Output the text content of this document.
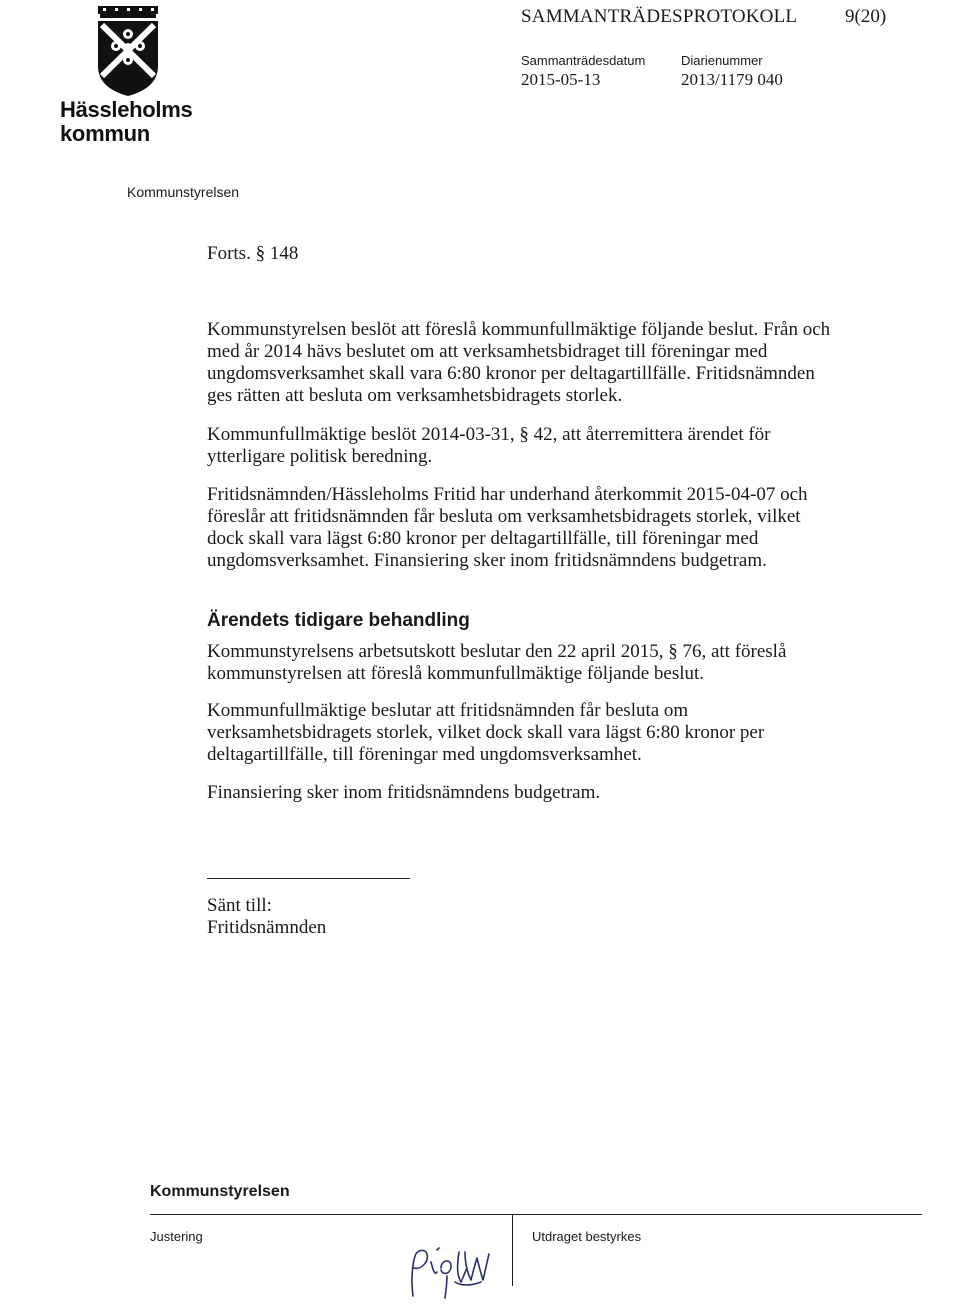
Hässleholms kommun
SAMMANTRÄDESPROTOKOLL	9(20)
Sammanträdesdatum
2015-05-13
Diarienummer
2013/1179 040
Kommunstyrelsen
Forts. § 148
Kommunstyrelsen beslöt att föreslå kommunfullmäktige följande beslut. Från och
med år 2014 hävs beslutet om att verksamhetsbidraget till föreningar med
ungdomsverksamhet skall vara 6:80 kronor per deltagartillfälle. Fritidsnämnden
ges rätten att besluta om verksamhetsbidragets storlek.
Kommunfullmäktige beslöt 2014-03-31, § 42, att återremittera ärendet för
ytterligare politisk beredning.
Fritidsnämnden/Hässleholms Fritid har underhand återkommit 2015-04-07 och
föreslår att fritidsnämnden får besluta om verksamhetsbidragets storlek, vilket
dock skall vara lägst 6:80 kronor per deltagartillfälle, till föreningar med
ungdomsverksamhet. Finansiering sker inom fritidsnämndens budgetram.
Ärendets tidigare behandling
Kommunstyrelsens arbetsutskott beslutar den 22 april 2015, § 76, att föreslå
kommunstyrelsen att föreslå kommunfullmäktige följande beslut.
Kommunfullmäktige beslutar att fritidsnämnden får besluta om
verksamhetsbidragets storlek, vilket dock skall vara lägst 6:80 kronor per
deltagartillfälle, till föreningar med ungdomsverksamhet.
Finansiering sker inom fritidsnämndens budgetram.
Sänt till:
Fritidsnämnden
Kommunstyrelsen
Justering	Utdraget bestyrkes
